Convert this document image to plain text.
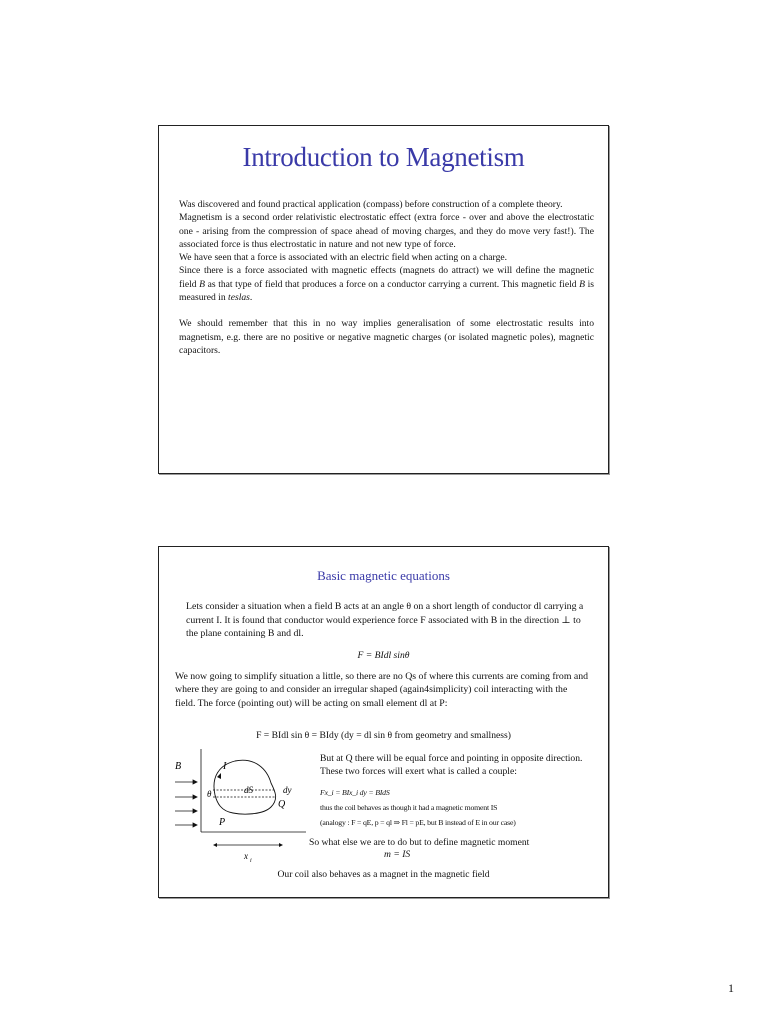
Introduction to Magnetism

Was discovered and found practical application (compass) before construction of a complete theory.

Magnetism is a second order relativistic electrostatic effect (extra force - over and above the electrostatic one - arising from the compression of space ahead of moving charges, and they do move very fast!). The associated force is thus electrostatic in nature and not new type of force.

We have seen that a force is associated with an electric field when acting on a charge.

Since there is a force associated with magnetic effects (magnets do attract) we will define the magnetic field B as that type of field that produces a force on a conductor carrying a current. This magnetic field B is measured in teslas.

We should remember that this in no way implies generalisation of some electrostatic results into magnetism, e.g. there are no positive or negative magnetic charges (or isolated magnetic poles), magnetic capacitors.

Basic magnetic equations
Lets consider a situation when a field B acts at an angle θ on a short length of conductor dl carrying a current I. It is found that conductor would experience force F associated with B in the direction ⊥ to the plane containing B and dl.
F = BIdl sinθ
We now going to simplify situation a little, so there are no Qs of where this currents are coming from and where they are going to and consider an irregular shaped (again4simplicity) coil interacting with the field. The force (pointing out) will be acting on small element dl at P:
F = BIdl sin θ = BIdy (dy = dl sin θ from geometry and smallness)
B	I
θ	dS	dy
Q
P
x i
But at Q there will be equal force and pointing in opposite direction. These two forces will exert what is called a couple:
Fx_i = BIx_i dy = BIdS
thus the coil behaves as though it had a magnetic moment IS
(analogy : F = qE, p = ql ⇒ Fl = pE, but B instead of E in our case)
So what else we are to do but to define magnetic moment
m = IS
Our coil also behaves as a magnet in the magnetic field
1
